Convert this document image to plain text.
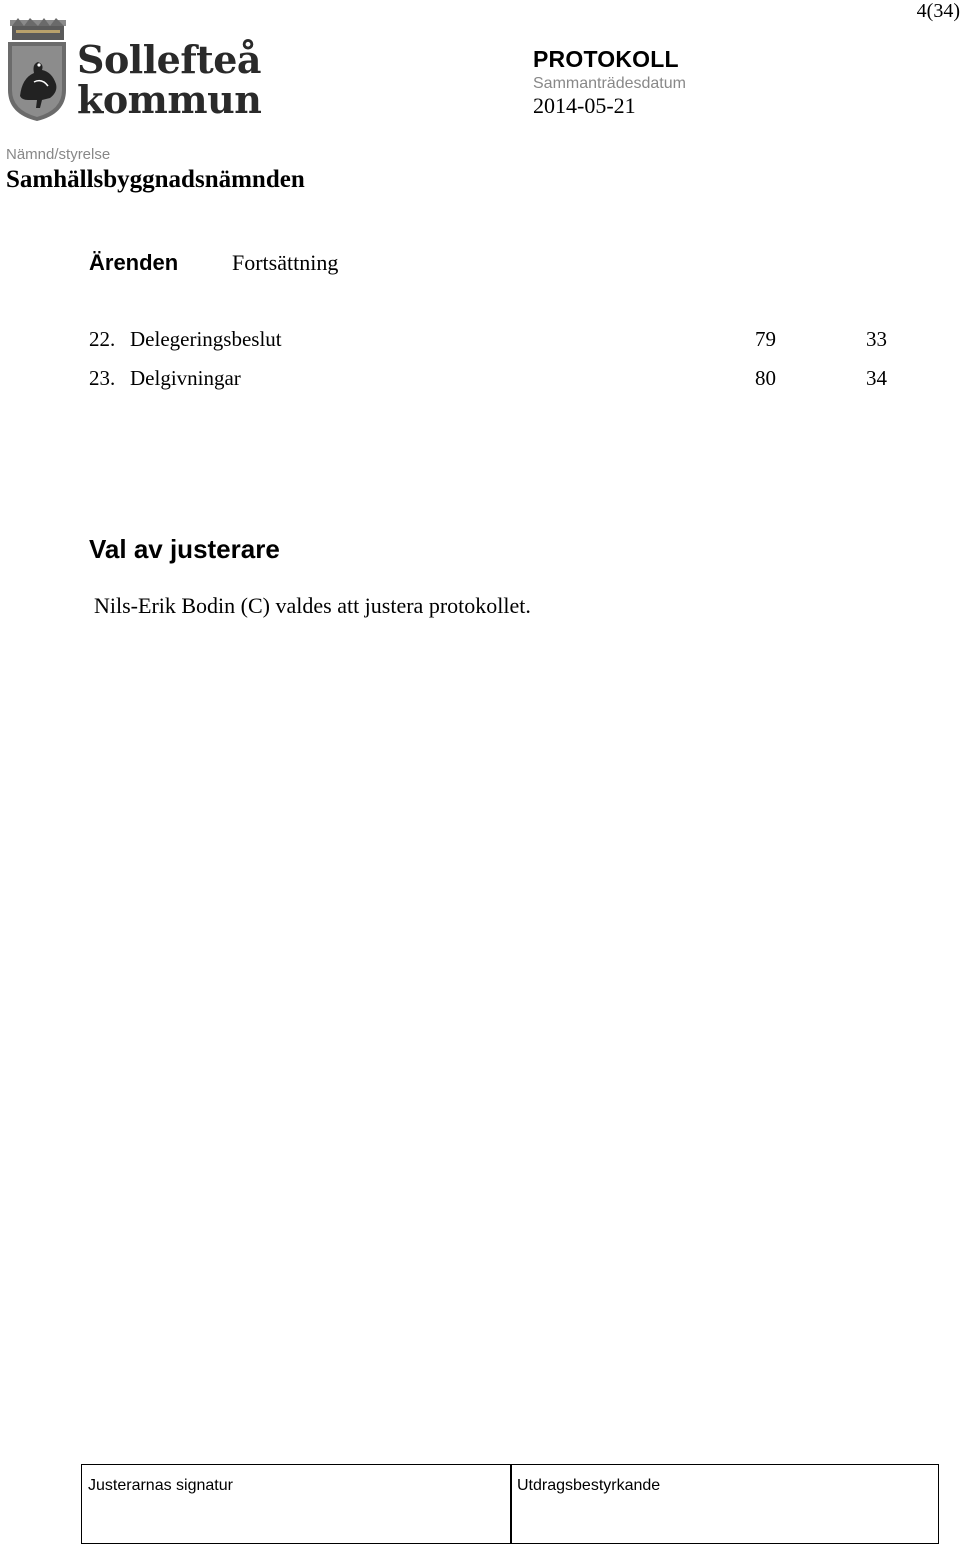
4(34)
Sollefteå
kommun
PROTOKOLL
Sammanträdesdatum
2014-05-21
Nämnd/styrelse
Samhällsbyggnadsnämnden
Ärenden Fortsättning
22. Delegeringsbeslut	79	33
23. Delgivningar	80	34
Val av justerare
Nils-Erik Bodin (C) valdes att justera protokollet.
Justerarnas signatur	Utdragsbestyrkande
